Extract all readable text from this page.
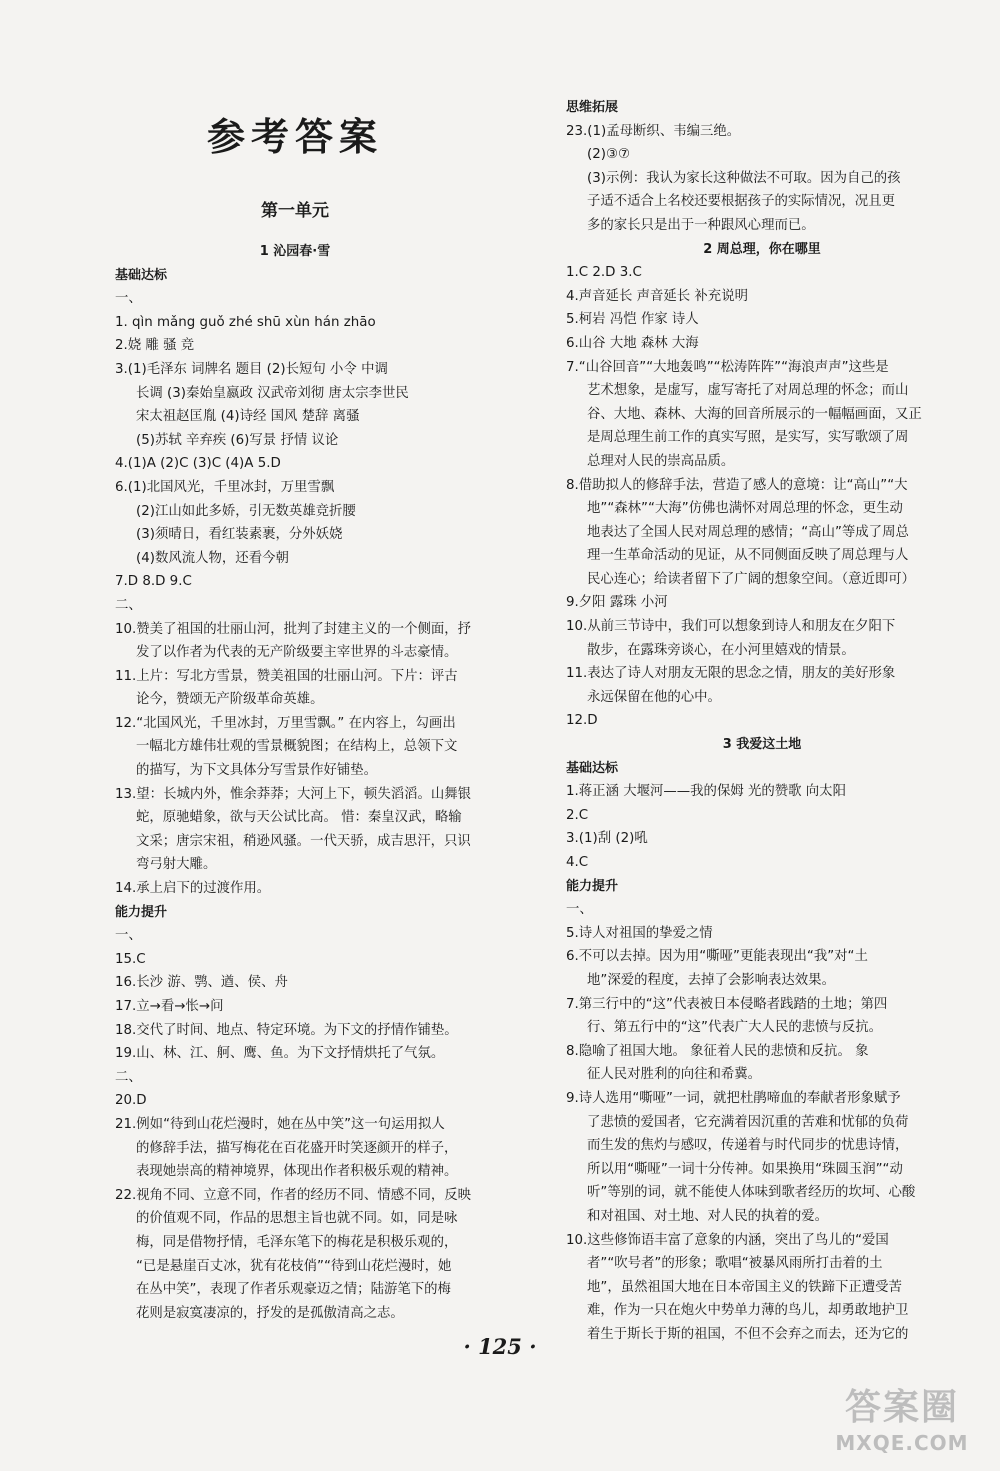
参考答案
第一单元
1 沁园春·雪
基础达标
一、
1. qìn mǎng guǒ zhé shū xùn hán zhāo
2.娆 雕 骚 竞
3.(1)毛泽东 词牌名 题目 (2)长短句 小令 中调
长调 (3)秦始皇嬴政 汉武帝刘彻 唐太宗李世民
宋太祖赵匡胤 (4)诗经 国风 楚辞 离骚
(5)苏轼 辛弃疾 (6)写景 抒情 议论
4.(1)A (2)C (3)C (4)A 5.D
6.(1)北国风光，千里冰封，万里雪飘
(2)江山如此多娇，引无数英雄竞折腰
(3)须晴日，看红装素裹，分外妖娆
(4)数风流人物，还看今朝
7.D 8.D 9.C
二、
10.赞美了祖国的壮丽山河，批判了封建主义的一个侧面，抒
发了以作者为代表的无产阶级要主宰世界的斗志豪情。
11.上片：写北方雪景，赞美祖国的壮丽山河。下片：评古
论今，赞颂无产阶级革命英雄。
12.“北国风光，千里冰封，万里雪飘。” 在内容上，勾画出
一幅北方雄伟壮观的雪景概貌图；在结构上，总领下文
的描写，为下文具体分写雪景作好铺垫。
13.望：长城内外，惟余莽莽；大河上下，顿失滔滔。山舞银
蛇，原驰蜡象，欲与天公试比高。 惜：秦皇汉武，略输
文采；唐宗宋祖，稍逊风骚。一代天骄，成吉思汗，只识
弯弓射大雕。
14.承上启下的过渡作用。
能力提升
一、
15.C
16.长沙 游、鹗、遒、侯、舟
17.立→看→怅→问
18.交代了时间、地点、特定环境。为下文的抒情作铺垫。
19.山、林、江、舸、鹰、鱼。为下文抒情烘托了气氛。
二、
20.D
21.例如“待到山花烂漫时，她在丛中笑”这一句运用拟人
的修辞手法，描写梅花在百花盛开时笑逐颜开的样子，
表现她崇高的精神境界，体现出作者积极乐观的精神。
22.视角不同、立意不同，作者的经历不同、情感不同，反映
的价值观不同，作品的思想主旨也就不同。如，同是咏
梅，同是借物抒情，毛泽东笔下的梅花是积极乐观的，
“已是悬崖百丈冰，犹有花枝俏”“待到山花烂漫时，她
在丛中笑”，表现了作者乐观豪迈之情；陆游笔下的梅
花则是寂寞凄凉的，抒发的是孤傲清高之志。
思维拓展
23.(1)孟母断织、韦编三绝。
(2)③⑦
(3)示例：我认为家长这种做法不可取。因为自己的孩
子适不适合上名校还要根据孩子的实际情况，况且更
多的家长只是出于一种跟风心理而已。
2 周总理，你在哪里
1.C 2.D 3.C
4.声音延长 声音延长 补充说明
5.柯岩 冯恺 作家 诗人
6.山谷 大地 森林 大海
7.“山谷回音”“大地轰鸣”“松涛阵阵”“海浪声声”这些是
艺术想象，是虚写，虚写寄托了对周总理的怀念；而山
谷、大地、森林、大海的回音所展示的一幅幅画面，又正
是周总理生前工作的真实写照，是实写，实写歌颂了周
总理对人民的崇高品质。
8.借助拟人的修辞手法，营造了感人的意境：让“高山”“大
地”“森林”“大海”仿佛也满怀对周总理的怀念，更生动
地表达了全国人民对周总理的感情；“高山”等成了周总
理一生革命活动的见证，从不同侧面反映了周总理与人
民心连心；给读者留下了广阔的想象空间。（意近即可）
9.夕阳 露珠 小河
10.从前三节诗中，我们可以想象到诗人和朋友在夕阳下
散步，在露珠旁谈心，在小河里嬉戏的情景。
11.表达了诗人对朋友无限的思念之情，朋友的美好形象
永远保留在他的心中。
12.D
3 我爱这土地
基础达标
1.蒋正涵 大堰河——我的保姆 光的赞歌 向太阳
2.C
3.(1)刮 (2)吼
4.C
能力提升
一、
5.诗人对祖国的挚爱之情
6.不可以去掉。因为用“嘶哑”更能表现出“我”对“土
地”深爱的程度，去掉了会影响表达效果。
7.第三行中的“这”代表被日本侵略者践踏的土地；第四
行、第五行中的“这”代表广大人民的悲愤与反抗。
8.隐喻了祖国大地。 象征着人民的悲愤和反抗。 象
征人民对胜利的向往和希冀。
9.诗人选用“嘶哑”一词，就把杜鹃啼血的奉献者形象赋予
了悲愤的爱国者，它充满着因沉重的苦难和忧郁的负荷
而生发的焦灼与感叹，传递着与时代同步的忧患诗情，
所以用“嘶哑”一词十分传神。如果换用“珠圆玉润”“动
听”等别的词，就不能使人体味到歌者经历的坎坷、心酸
和对祖国、对土地、对人民的执着的爱。
10.这些修饰语丰富了意象的内涵，突出了鸟儿的“爱国
者”“吹号者”的形象；歌唱“被暴风雨所打击着的土
地”，虽然祖国大地在日本帝国主义的铁蹄下正遭受苦
难，作为一只在炮火中势单力薄的鸟儿，却勇敢地护卫
着生于斯长于斯的祖国，不但不会弃之而去，还为它的
· 125 ·
答案圈
MXQE.COM
